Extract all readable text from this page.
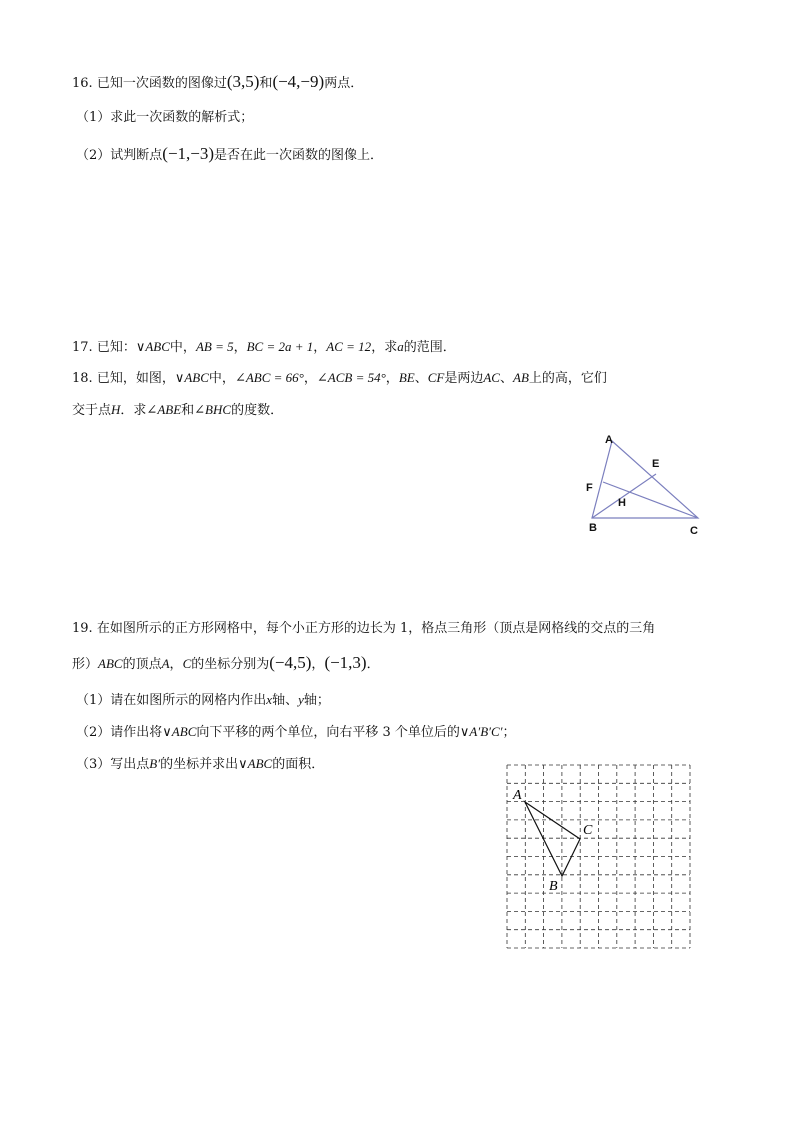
16. 已知一次函数的图像过(3,5)和(−4,−9)两点．
（1）求此一次函数的解析式；
（2）试判断点(−1,−3)是否在此一次函数的图像上．
17. 已知：∨ABC中，AB = 5，BC = 2a + 1，AC = 12，求a的范围．
18. 已知，如图，∨ABC中，∠ABC = 66°，∠ACB = 54°，BE、CF是两边AC、AB上的高，它们
交于点H．求∠ABE和∠BHC的度数．
A
E
F
H
B	C
19. 在如图所示的正方形网格中，每个小正方形的边长为 1，格点三角形（顶点是网格线的交点的三角
形）ABC的顶点A，C的坐标分别为(−4,5)，(−1,3)．
（1）请在如图所示的网格内作出x轴、y轴；
（2）请作出将∨ABC向下平移的两个单位，向右平移 3 个单位后的∨A′B′C′；
（3）写出点B′的坐标并求出∨ABC的面积．
A
C
B
